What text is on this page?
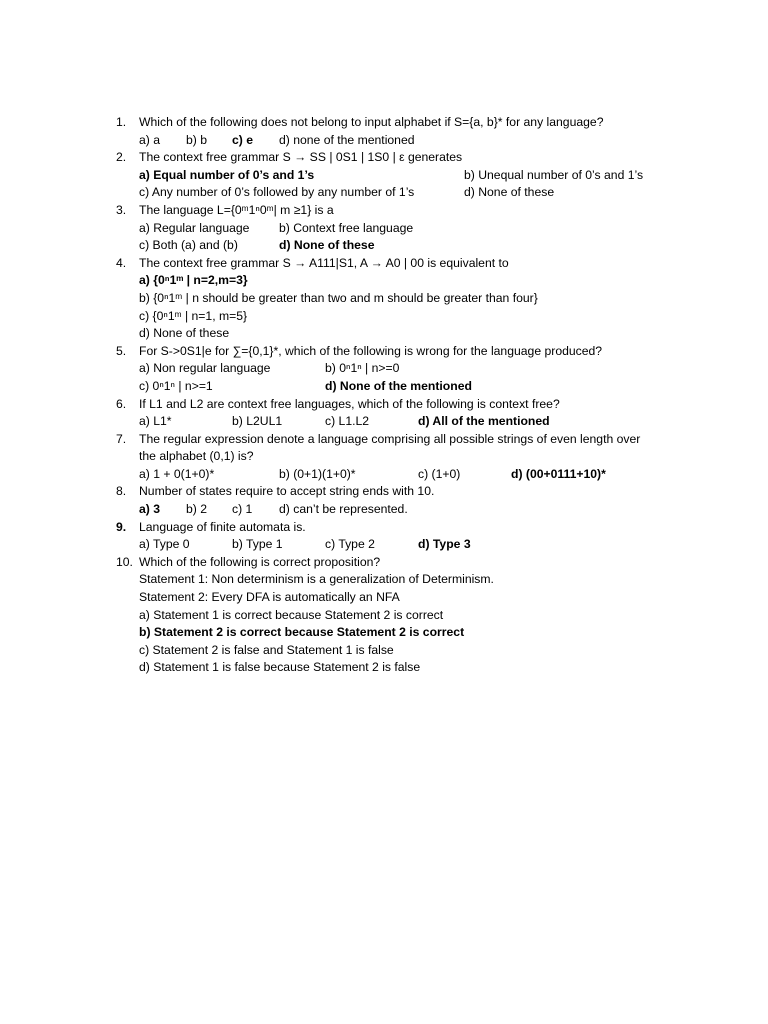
1. Which of the following does not belong to input alphabet if S={a, b}* for any language?
a) a b) b c) e d) none of the mentioned
2. The context free grammar S → SS | 0S1 | 1S0 | ε generates
a) Equal number of 0’s and 1’s	b) Unequal number of 0’s and 1’s
c) Any number of 0’s followed by any number of 1’s	d) None of these
3. The language L={0ᵐ1ⁿ0ᵐ| m ≥1} is a
a) Regular language b) Context free language
c) Both (a) and (b)	d) None of these
4. The context free grammar S → A111|S1, A → A0 | 00 is equivalent to
a) {0ⁿ1ᵐ | n=2,m=3}
b) {0ⁿ1ᵐ | n should be greater than two and m should be greater than four}
c) {0ⁿ1ᵐ | n=1, m=5}
d) None of these
5. For S->0S1|e for ∑={0,1}*, which of the following is wrong for the language produced?
a) Non regular language	b) 0ⁿ1ⁿ | n>=0
c) 0ⁿ1ⁿ | n>=1	d) None of the mentioned
6. If L1 and L2 are context free languages, which of the following is context free?
a) L1*	b) L2UL1	c) L1.L2	d) All of the mentioned
7. The regular expression denote a language comprising all possible strings of even length over
the alphabet (0,1) is?
a) 1 + 0(1+0)*	b) (0+1)(1+0)*	c) (1+0)	d) (00+0111+10)*
8. Number of states require to accept string ends with 10.
a) 3 b) 2 c) 1 d) can’t be represented.
9. Language of finite automata is.
a) Type 0	b) Type 1	c) Type 2	d) Type 3
10. Which of the following is correct proposition?
Statement 1: Non determinism is a generalization of Determinism.
Statement 2: Every DFA is automatically an NFA
a) Statement 1 is correct because Statement 2 is correct
b) Statement 2 is correct because Statement 2 is correct
c) Statement 2 is false and Statement 1 is false
d) Statement 1 is false because Statement 2 is false
